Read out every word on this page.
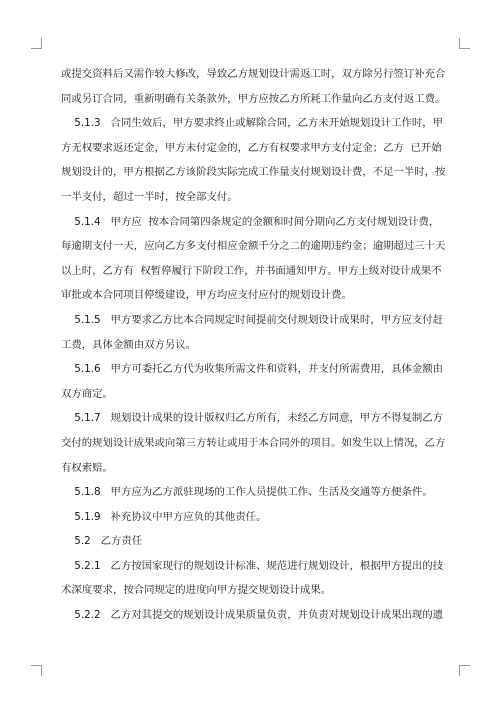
或提交资料后又需作较大修改，导致乙方规划设计需返工时，双方除另行签订补充合
同或另订合同，重新明确有关条款外，甲方应按乙方所耗工作量向乙方支付返工费。
5.1.3   合同生效后，甲方要求终止或解除合同，乙方未开始规划设计工作时，甲
方无权要求返还定金，甲方未付定金的，乙方有权要求甲方支付定金；乙方  已开始
规划设计的，甲方根据乙方该阶段实际完成工作量支付规划设计费，不足一半时，按
一半支付，超过一半时，按全部支付。
5.1.4   甲方应  按本合同第四条规定的金额和时间分期向乙方支付规划设计费，
每逾期支付一天，应向乙方多支付相应金额千分之二的逾期违约金；逾期超过三十天
以上时，乙方有  权暂停履行下阶段工作，并书面通知甲方。甲方上级对设计成果不
审批或本合同项目停缓建设，甲方均应支付应付的规划设计费。
5.1.5   甲方要求乙方比本合同规定时间提前交付规划设计成果时，甲方应支付赶
工费，具体金额由双方另议。
5.1.6   甲方可委托乙方代为收集所需文件和资料，并支付所需费用，具体金额由
双方商定。
5.1.7   规划设计成果的设计版权归乙方所有，未经乙方同意，甲方不得复制乙方
交付的规划设计成果或向第三方转让或用于本合同外的项目。如发生以上情况，乙方
有权索赔。
5.1.8   甲方应为乙方派驻现场的工作人员提供工作、生活及交通等方便条件。
5.1.9   补充协议中甲方应负的其他责任。
5.2   乙方责任
5.2.1   乙方按国家现行的规划设计标准、规范进行规划设计，根据甲方提出的技
术深度要求，按合同规定的进度向甲方提交规划设计成果。
5.2.2   乙方对其提交的规划设计成果质量负责，并负责对规划设计成果出现的遗
